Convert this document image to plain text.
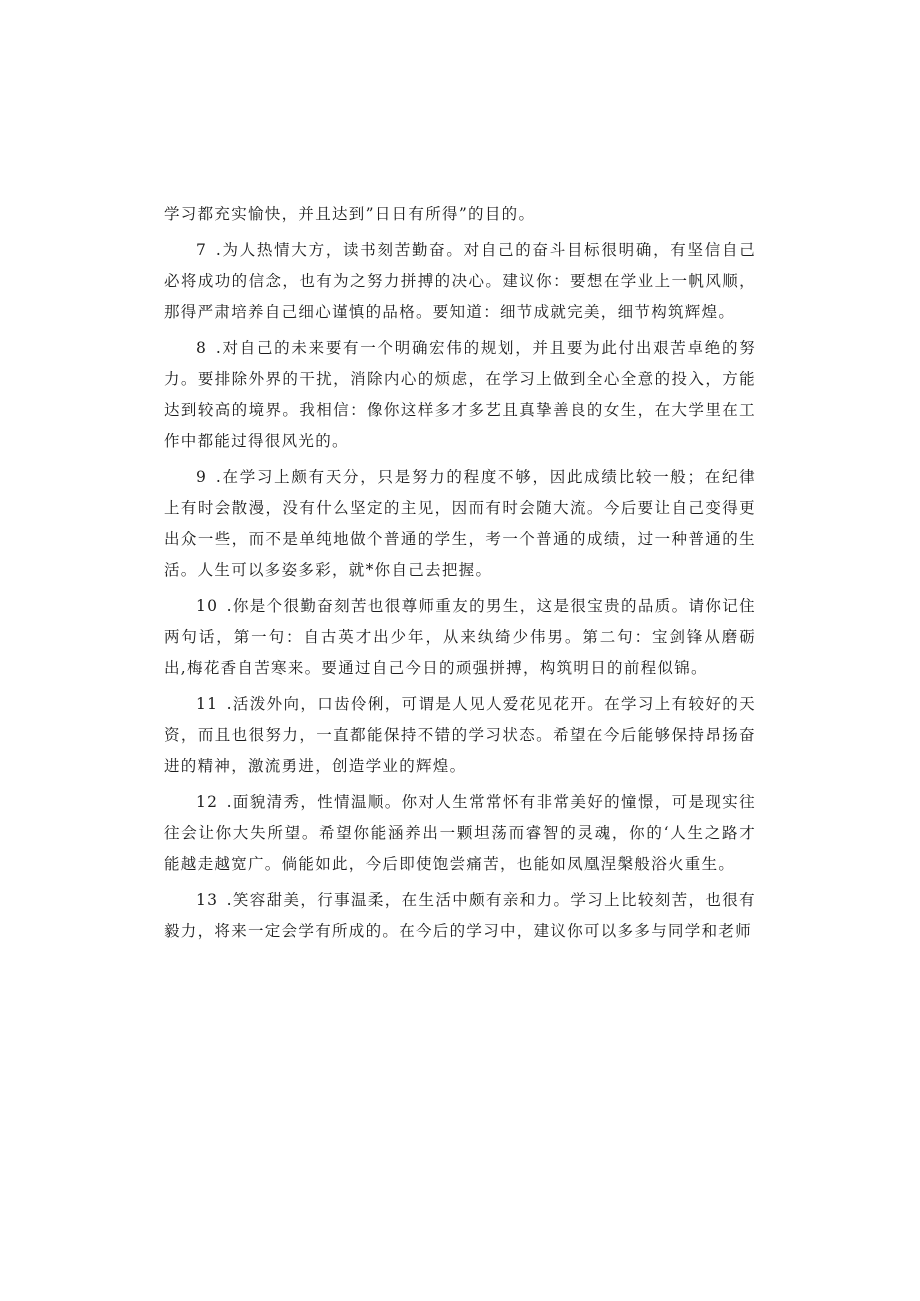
学习都充实愉快，并且达到”日日有所得”的目的。

7 .为人热情大方，读书刻苦勤奋。对自己的奋斗目标很明确，有坚信自己必将成功的信念，也有为之努力拼搏的决心。建议你：要想在学业上一帆风顺，那得严肃培养自己细心谨慎的品格。要知道：细节成就完美，细节构筑辉煌。

8 .对自己的未来要有一个明确宏伟的规划，并且要为此付出艰苦卓绝的努力。要排除外界的干扰，消除内心的烦虑，在学习上做到全心全意的投入，方能达到较高的境界。我相信：像你这样多才多艺且真挚善良的女生，在大学里在工作中都能过得很风光的。

9 .在学习上颇有天分，只是努力的程度不够，因此成绩比较一般；在纪律上有时会散漫，没有什么坚定的主见，因而有时会随大流。今后要让自己变得更出众一些，而不是单纯地做个普通的学生，考一个普通的成绩，过一种普通的生活。人生可以多姿多彩，就*你自己去把握。

10 .你是个很勤奋刻苦也很尊师重友的男生，这是很宝贵的品质。请你记住两句话，第一句：自古英才出少年，从来纨绮少伟男。第二句：宝剑锋从磨砺出,梅花香自苦寒来。要通过自己今日的顽强拼搏，构筑明日的前程似锦。

11 .活泼外向，口齿伶俐，可谓是人见人爱花见花开。在学习上有较好的天资，而且也很努力，一直都能保持不错的学习状态。希望在今后能够保持昂扬奋进的精神，激流勇进，创造学业的辉煌。

12 .面貌清秀，性情温顺。你对人生常常怀有非常美好的憧憬，可是现实往往会让你大失所望。希望你能涵养出一颗坦荡而睿智的灵魂，你的‘人生之路才能越走越宽广。倘能如此，今后即使饱尝痛苦，也能如凤凰涅槃般浴火重生。

13 .笑容甜美，行事温柔，在生活中颇有亲和力。学习上比较刻苦，也很有毅力，将来一定会学有所成的。在今后的学习中，建议你可以多多与同学和老师
